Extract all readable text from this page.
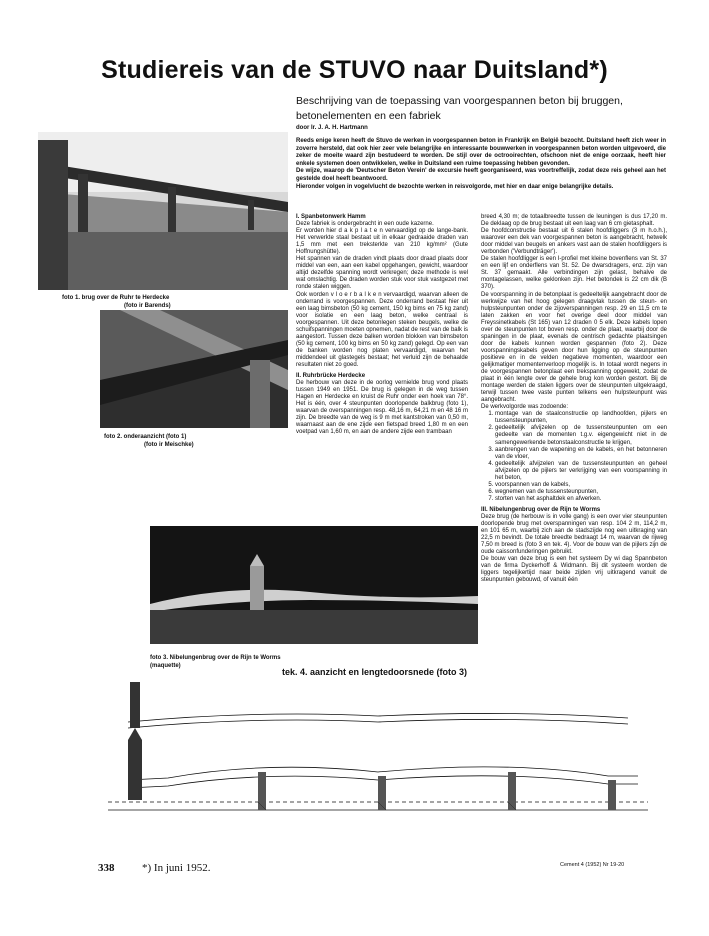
Studiereis van de STUVO naar Duitsland*)
Beschrijving van de toepassing van voorgespannen beton bij bruggen, betonelementen en een fabriek
door Ir. J. A. H. Hartmann

Reeds enige keren heeft de Stuvo de werken in voorgespannen beton in Frankrijk en België bezocht. Duitsland heeft zich weer in zoverre hersteld, dat ook hier zeer vele belangrijke en interessante bouwwerken in voorgespannen beton worden uitgevoerd, die zeker de moeite waard zijn bestudeerd te worden. De stijl over de octrooirechten, ofschoon niet de enige oorzaak, heeft hier enkele systemen doen ontwikkelen, welke in Duitsland een ruime toepassing hebben gevonden.

De wijze, waarop de 'Deutscher Beton Verein' de excursie heeft georganiseerd, was voortreffelijk, zodat deze reis geheel aan het gestelde doel heeft beantwoord.

Hieronder volgen in vogelvlucht de bezochte werken in reisvolgorde, met hier en daar enige belangrijke details.

foto 1. brug over de Ruhr te Herdecke
(foto ir Barends)
foto 2. onderaanzicht (foto 1)
(foto ir Meischke)
foto 3. Nibelungenbrug over de Rijn te Worms
(maquette)
I. Spanbetonwerk Hamm

Deze fabriek is ondergebracht in een oude kazerne.

Er worden hier d a k p l a t e n vervaardigd op de lange-bank. Het verwerkte staal bestaat uit in elkaar gedraaide draden van 1,5 mm met een treksterkte van 210 kg/mm² (Gute Hoffnungshütte).

Het spannen van de draden vindt plaats door draad plaats door middel van een, aan een kabel opgehangen, gewicht, waardoor altijd dezelfde spanning wordt verkregen; deze methode is wel wat omslachtig. De draden worden stuk voor stuk vastgezet met ronde stalen wiggen.

Ook worden v l o e r b a l k e n vervaardigd, waarvan alleen de onderrand is voorgespannen. Deze onderrand bestaat hier uit een laag bimsbeton (50 kg cement, 150 kg bims en 75 kg zand) voor isolatie en een laag beton, welke centraal is voorgespannen. Uit deze betonlegen steken beugels, welke de schuifspanningen moeten opnemen, nadat de rest van de balk is aangestort. Tussen deze balken worden blokken van bimsbeton (50 kg cement, 100 kg bims en 50 kg zand) gelegd. Op een van de banken worden nog platen vervaardigd, waarvan het middendeel uit glastegels bestaat; het verluid zijn de behaalde resultaten niet zo goed.

II. Ruhrbrücke Herdecke

De herbouw van deze in de oorlog vernielde brug vond plaats tussen 1949 en 1951. De brug is gelegen in de weg tussen Hagen en Herdecke en kruist de Ruhr onder een hoek van 78°. Het is één, over 4 steunpunten doorlopende balkbrug (foto 1), waarvan de overspanningen resp. 48,16 m, 64,21 m en 48 16 m zijn. De breedte van de weg is 9 m met kantstroken van 0,50 m, waarnaast aan de ene zijde een fietspad breed 1,80 m en een voetpad van 1,60 m, en aan de andere zijde een trambaan

breed 4,30 m; de totaalbreedte tussen de leuningen is dus 17,20 m. De deklaag op de brug bestaat uit een laag van 6 cm gietasphalt.

De hoofdconstructie bestaat uit 6 stalen hoofdliggers (3 m h.o.h.), waarover een dek van voorgespannen beton is aangebracht, hetwelk door middel van beugels en ankers vast aan de stalen hoofdliggers is verbonden ('Verbundträger').

De stalen hoofdligger is een I-profiel met kleine bovenflens van St. 37 en een lijf en onderflens van St. 52. De dwarsdragers, enz. zijn van St. 37 gemaakt. Alle verbindingen zijn gelast, behalve de montagelassen, welke geklonken zijn. Het betondek is 22 cm dik (B 370).

De voorspanning in de betonplaat is gedeeltelijk aangebracht door de werkwijze van het hoog gelegen draagvlak tussen de steun- en hulpsteunpunten onder de zijoverspanningen resp. 29 en 11,5 cm te laten zakken en voor het overige deel door middel van Freyssinetkabels (St 165) van 12 draden 0 5 elk. Deze kabels lopen over de steunpunten tot boven resp. onder de plaat, waarbij door de spaningen in de plaat, evenals de centrisch gedachte plaatsingen door de kabels kunnen worden gespannen (foto 2). Deze voorspanningskabels geven door hun ligging op de steunpunten positieve en in de velden negatieve momenten, waardoor een gelijkmatiger momentenverloop mogelijk is. In totaal wordt negens in de voorgespannen betonplaat een trekspanning opgewekt, zodat de plaat in één lengte over de gehele brug kon worden gestort. Bij de montage werden de stalen liggers over de steunpunten uitgekraagd, terwijl tussen twee vaste punten telkens een hulpsteunpunt was aangebracht.

De werkvolgorde was zodoende:

1. montage van de staalconstructie op landhoofden, pijlers en tussensteunpunten,
2. gedeeltelijk afvijzelen op de tussensteunpunten om een gedeelte van de momenten t.g.v. eigengewicht niet in de samengewerkende betonstaalconstructie te krijgen,
3. aanbrengen van de wapening en de kabels, en het betonneren van de vloer,
4. gedeeltelijk afvijzelen van de tussensteunpunten en geheel afvijzelen op de pijlers ter verkrijging van een voorspanning in het beton,
5. voorspannen van de kabels,
6. wegnemen van de tussensteunpunten,
7. storten van het asphaltdek en afwerken.
III. Nibelungenbrug over de Rijn te Worms

Deze brug (de herbouw is in volle gang) is een over vier steunpunten doorlopende brug met overspanningen van resp. 104 2 m, 114,2 m, en 101 65 m, waarbij zich aan de stadszijde nog een uitkraging van 22,5 m bevindt. De totale breedte bedraagt 14 m, waarvan de rijweg 7,50 m breed is (foto 3 en tek. 4). Voor de bouw van de pijlers zijn de oude caissonfunderingen gebruikt.

De bouw van deze brug is een het systeem Dy wi dag Spannbeton van de firma Dyckerhoff & Widmann. Bij dit systeem worden de liggers tegelijkertijd naar beide zijden vrij uitkragend vanuit de steunpunten gebouwd, of vanuit één

tek. 4. aanzicht en lengtedoorsnede (foto 3)
338	*) In juni 1952.	Cement 4 (1952) Nr 19-20
